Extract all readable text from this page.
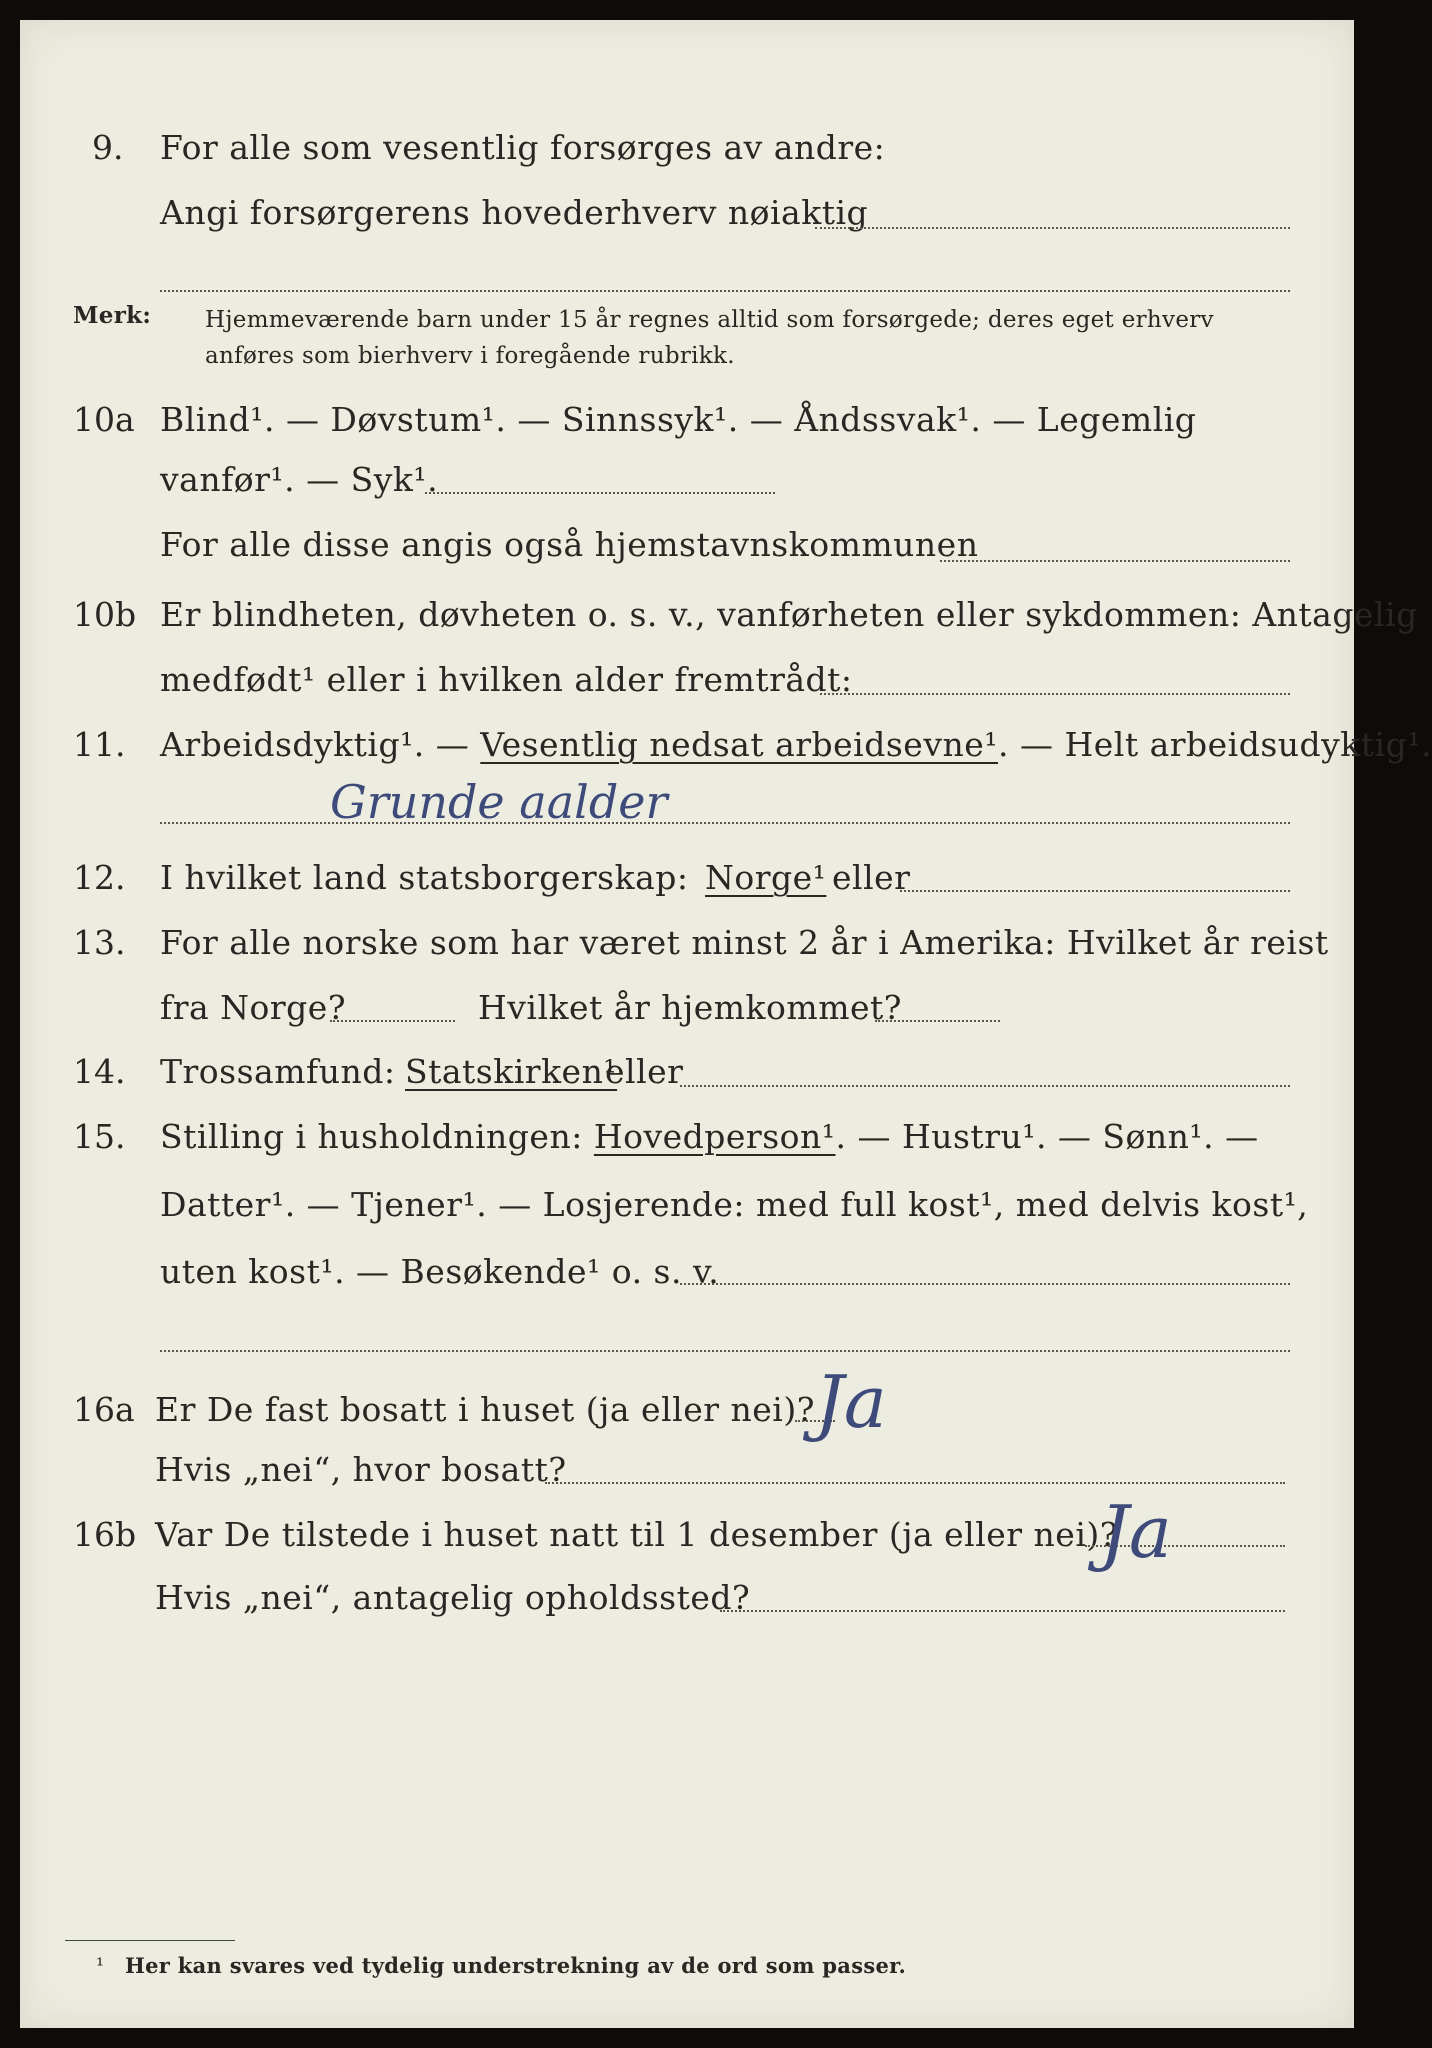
9. For alle som vesentlig forsørges av andre:
Angi forsørgerens hovederhverv nøiaktig
Merk: Hjemmeværende barn under 15 år regnes alltid som forsørgede; deres eget erhverv
anføres som bierhverv i foregående rubrikk.
10a Blind¹. — Døvstum¹. — Sinnssyk¹. — Åndssvak¹. — Legemlig
vanfør¹. — Syk¹.
For alle disse angis også hjemstavnskommunen
10b Er blindheten, døvheten o. s. v., vanførheten eller sykdommen: Antagelig
medfødt¹ eller i hvilken alder fremtrådt:
11. Arbeidsdyktig¹. — Vesentlig nedsat arbeidsevne¹. — Helt arbeidsudyktig¹.
Grunde aalder
12. I hvilket land statsborgerskap: Norge¹ eller
13. For alle norske som har været minst 2 år i Amerika: Hvilket år reist
fra Norge?	Hvilket år hjemkommet?
14. Trossamfund: Statskirken¹
eller
15. Stilling i husholdningen: Hovedperson¹. — Hustru¹. — Sønn¹. —
Datter¹. — Tjener¹. — Losjerende: med full kost¹, med delvis kost¹,
uten kost¹. — Besøkende¹ o. s. v.
16a Er De fast bosatt i huset (ja eller nei)? Ja
Hvis „nei“, hvor bosatt?
16b Var De tilstede i huset natt til 1 desember (ja eller nei)?
Ja
Hvis „nei“, antagelig opholdssted?
¹ Her kan svares ved tydelig understrekning av de ord som passer.
